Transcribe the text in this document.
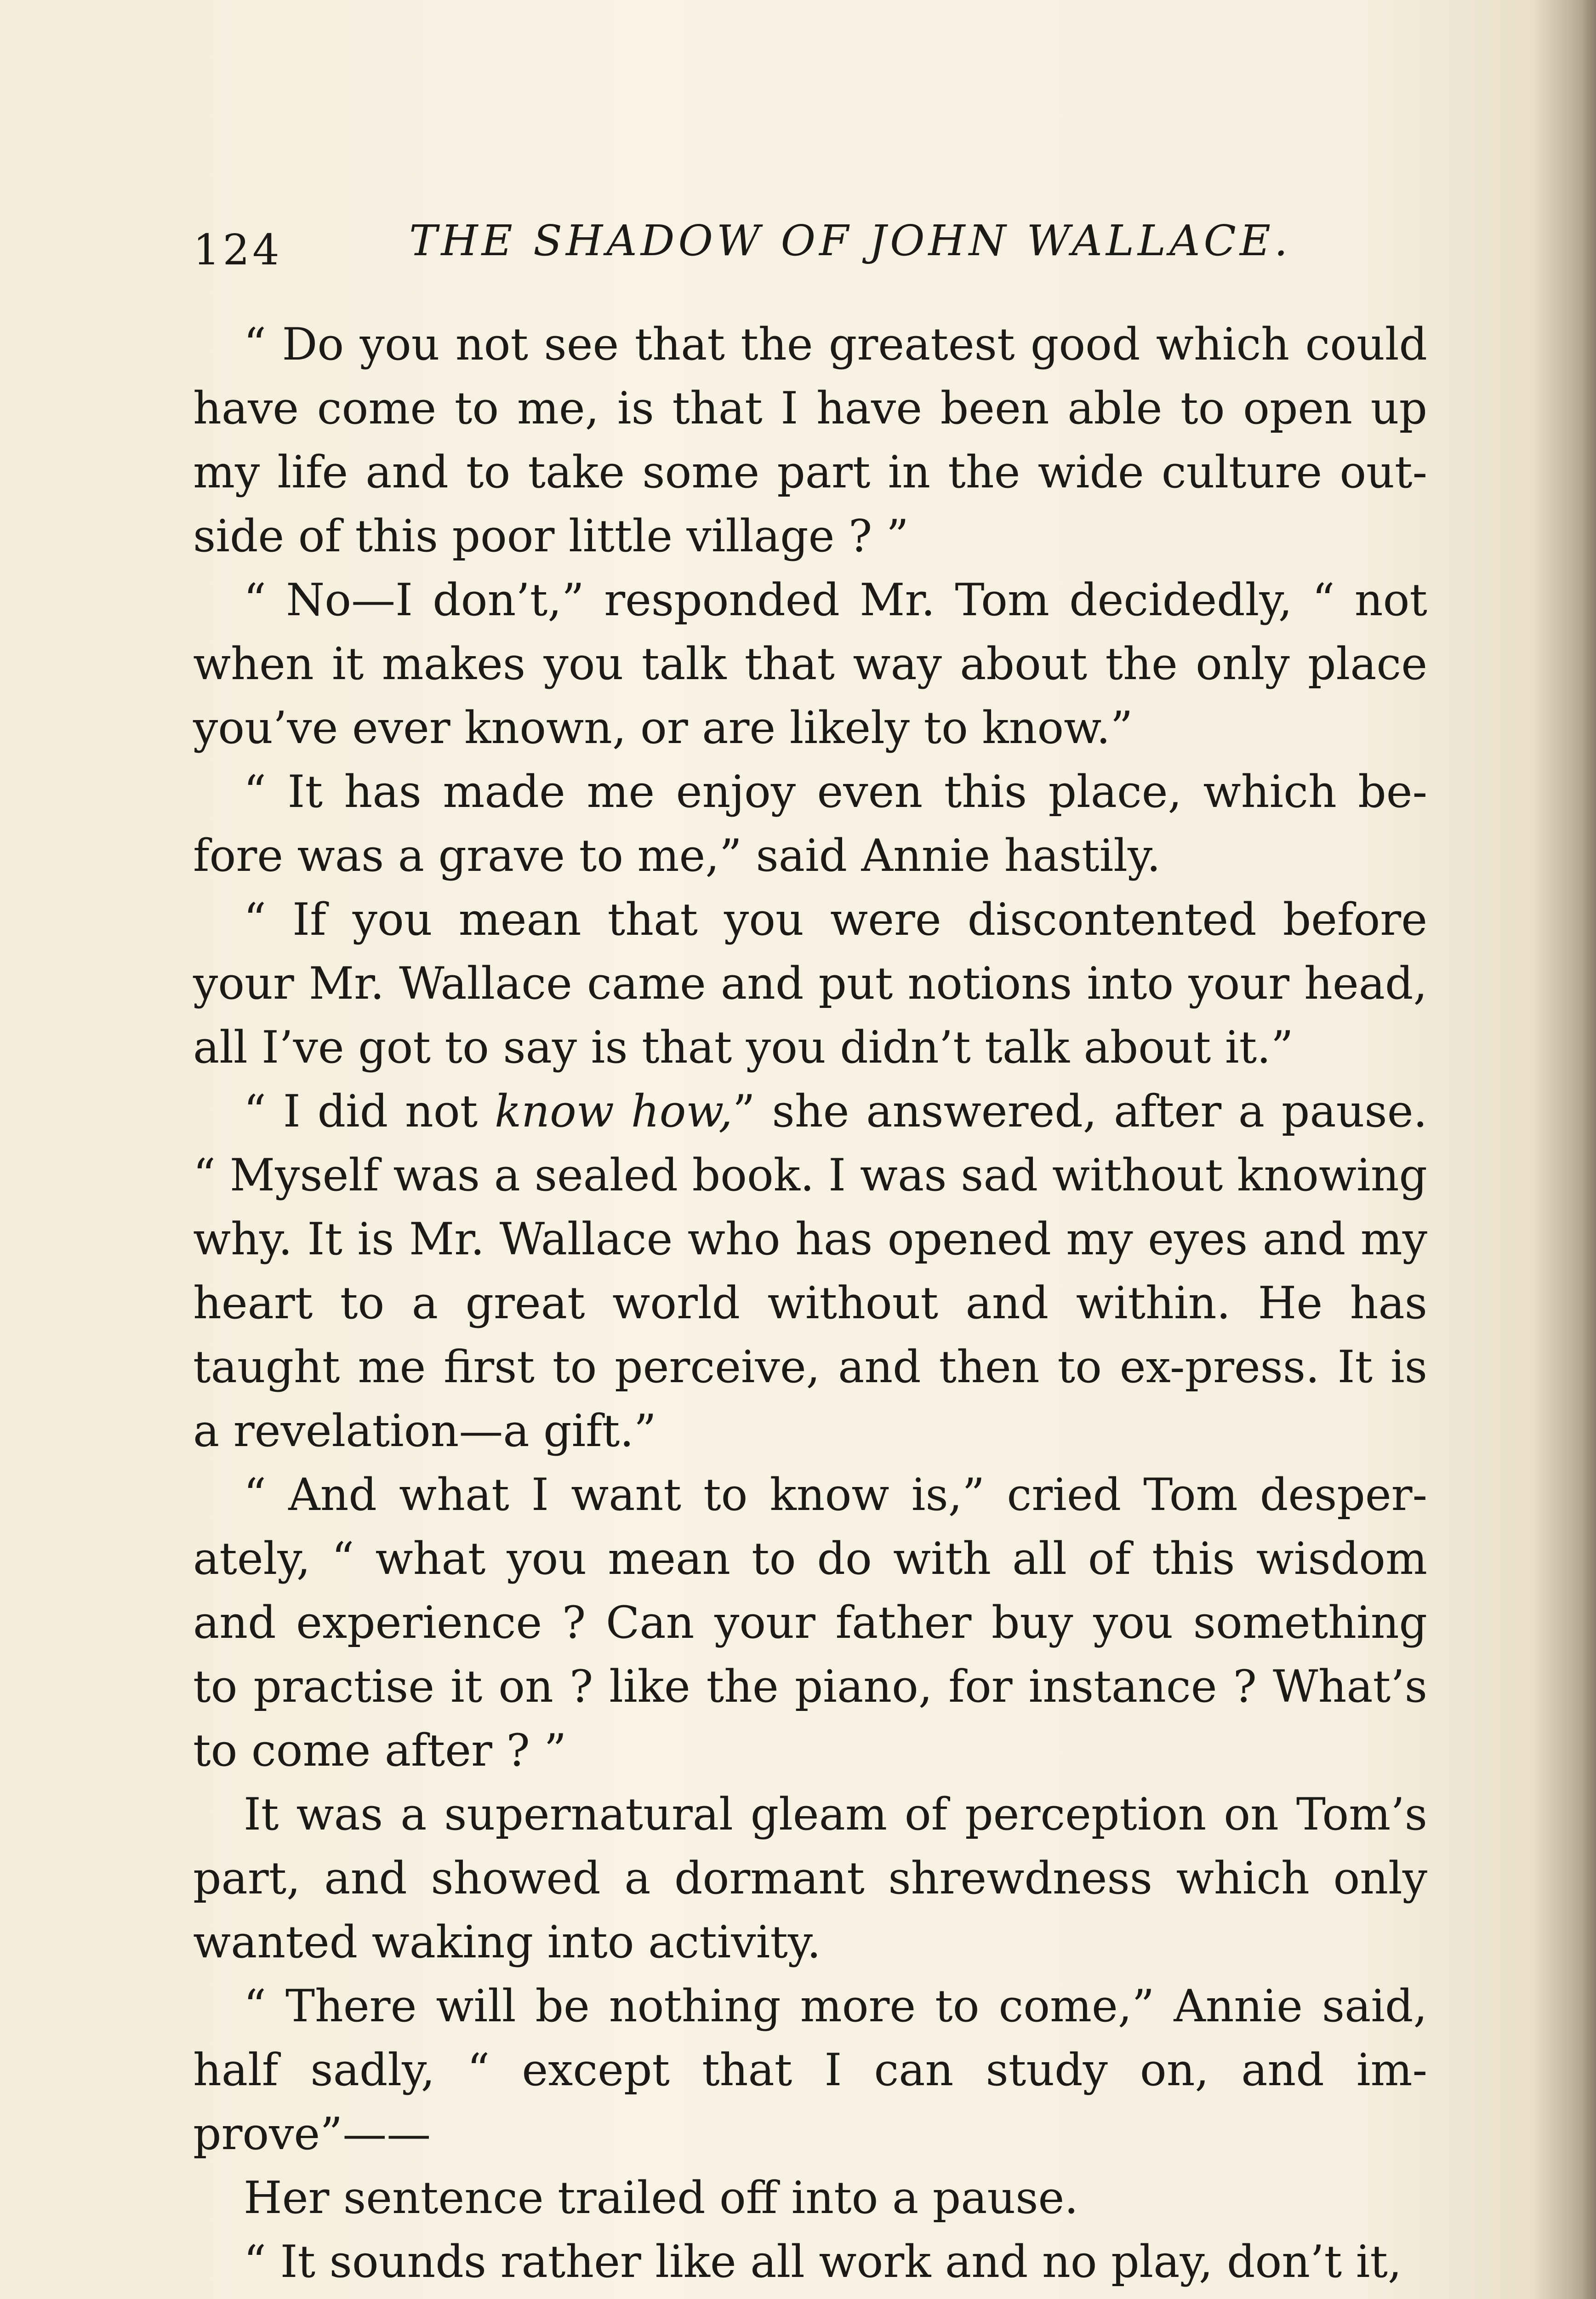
124	THE SHADOW OF JOHN WALLACE.

“ Do you not see that the greatest good which could have come to me, is that I have been able to open up my life and to take some part in the wide culture out-side of this poor little village ? ”

“ No—I don’t,” responded Mr. Tom decidedly, “ not when it makes you talk that way about the only place you’ve ever known, or are likely to know.”

“ It has made me enjoy even this place, which be-fore was a grave to me,” said Annie hastily.

“ If you mean that you were discontented before your Mr. Wallace came and put notions into your head, all I’ve got to say is that you didn’t talk about it.”

“ I did not know how,” she answered, after a pause. “ Myself was a sealed book. I was sad without knowing why. It is Mr. Wallace who has opened my eyes and my heart to a great world without and within. He has taught me first to perceive, and then to ex-press. It is a revelation—a gift.”

“ And what I want to know is,” cried Tom desper-ately, “ what you mean to do with all of this wisdom and experience ? Can your father buy you something to practise it on ? like the piano, for instance ? What’s to come after ? ”

It was a supernatural gleam of perception on Tom’s part, and showed a dormant shrewdness which only wanted waking into activity.

“ There will be nothing more to come,” Annie said, half sadly, “ except that I can study on, and im-prove”——

Her sentence trailed off into a pause.

“ It sounds rather like all work and no play, don’t it,
